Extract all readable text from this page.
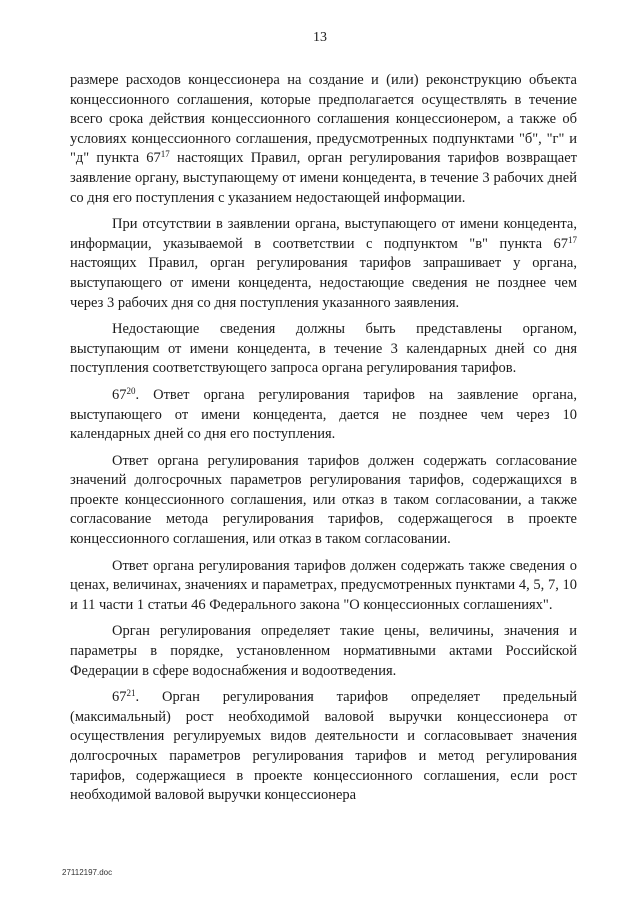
13

размере расходов концессионера на создание и (или) реконструкцию объекта концессионного соглашения, которые предполагается осуществлять в течение всего срока действия концессионного соглашения концессионером, а также об условиях концессионного соглашения, предусмотренных подпунктами "б", "г" и "д" пункта $67^{17}$ настоящих Правил, орган регулирования тарифов возвращает заявление органу, выступающему от имени концедента, в течение 3 рабочих дней со дня его поступления с указанием недостающей информации.

При отсутствии в заявлении органа, выступающего от имени концедента, информации, указываемой в соответствии с подпунктом "в" пункта $67^{17}$ настоящих Правил, орган регулирования тарифов запрашивает у органа, выступающего от имени концедента, недостающие сведения не позднее чем через 3 рабочих дня со дня поступления указанного заявления.

Недостающие сведения должны быть представлены органом, выступающим от имени концедента, в течение 3 календарных дней со дня поступления соответствующего запроса органа регулирования тарифов.

$67^{20}$. Ответ органа регулирования тарифов на заявление органа, выступающего от имени концедента, дается не позднее чем через 10 календарных дней со дня его поступления.

Ответ органа регулирования тарифов должен содержать согласование значений долгосрочных параметров регулирования тарифов, содержащихся в проекте концессионного соглашения, или отказ в таком согласовании, а также согласование метода регулирования тарифов, содержащегося в проекте концессионного соглашения, или отказ в таком согласовании.

Ответ органа регулирования тарифов должен содержать также сведения о ценах, величинах, значениях и параметрах, предусмотренных пунктами 4, 5, 7, 10 и 11 части 1 статьи 46 Федерального закона "О концессионных соглашениях".

Орган регулирования определяет такие цены, величины, значения и параметры в порядке, установленном нормативными актами Российской Федерации в сфере водоснабжения и водоотведения.

$67^{21}$. Орган регулирования тарифов определяет предельный (максимальный) рост необходимой валовой выручки концессионера от осуществления регулируемых видов деятельности и согласовывает значения долгосрочных параметров регулирования тарифов и метод регулирования тарифов, содержащиеся в проекте концессионного соглашения, если рост необходимой валовой выручки концессионера

27112197.doc
